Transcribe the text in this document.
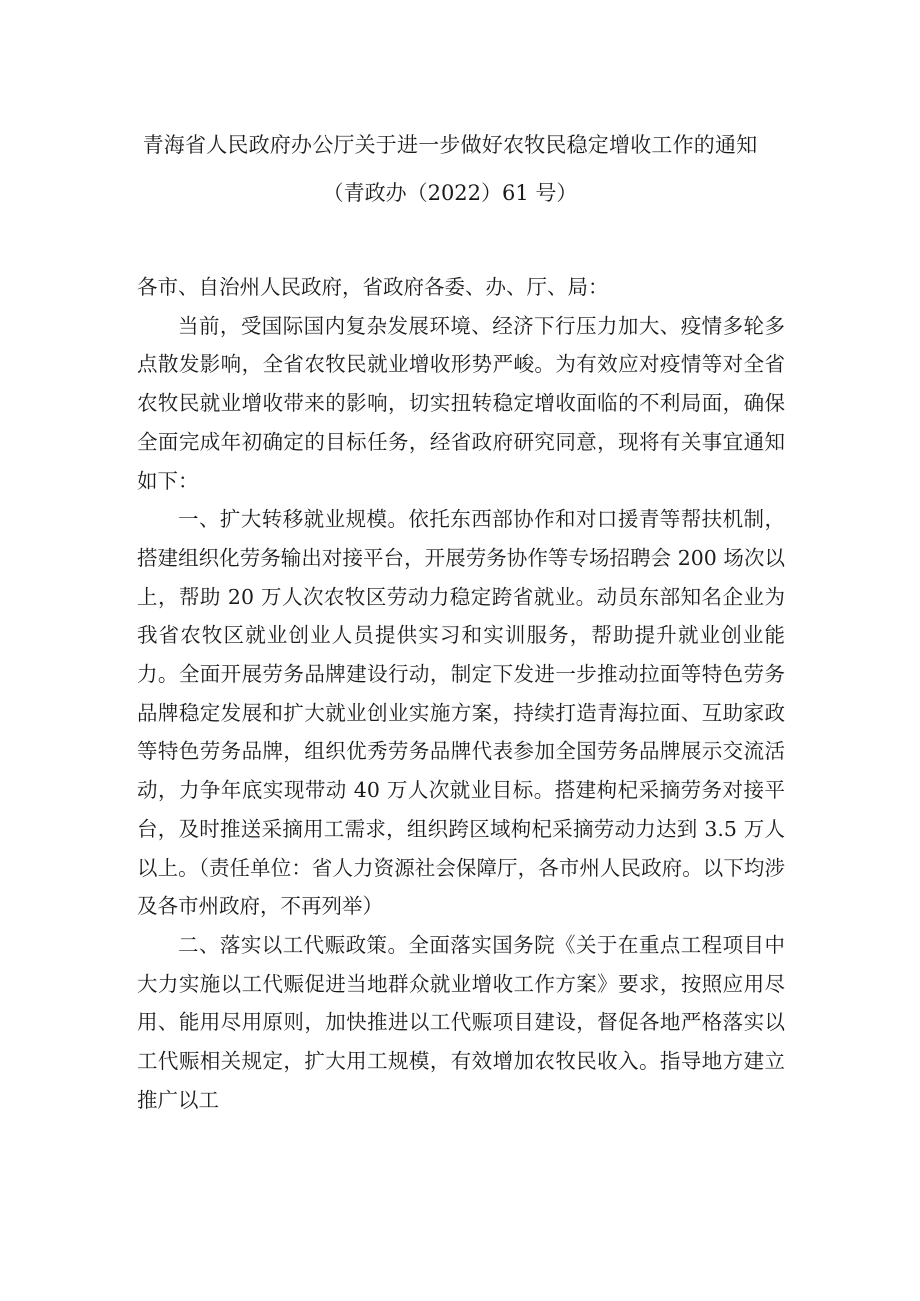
青海省人民政府办公厅关于进一步做好农牧民稳定增收工作的通知
（青政办（2022）61 号）

各市、自治州人民政府，省政府各委、办、厅、局：

当前，受国际国内复杂发展环境、经济下行压力加大、疫情多轮多点散发影响，全省农牧民就业增收形势严峻。为有效应对疫情等对全省农牧民就业增收带来的影响，切实扭转稳定增收面临的不利局面，确保全面完成年初确定的目标任务，经省政府研究同意，现将有关事宜通知如下：

一、扩大转移就业规模。依托东西部协作和对口援青等帮扶机制，搭建组织化劳务输出对接平台，开展劳务协作等专场招聘会 200 场次以上，帮助 20 万人次农牧区劳动力稳定跨省就业。动员东部知名企业为我省农牧区就业创业人员提供实习和实训服务，帮助提升就业创业能力。全面开展劳务品牌建设行动，制定下发进一步推动拉面等特色劳务品牌稳定发展和扩大就业创业实施方案，持续打造青海拉面、互助家政等特色劳务品牌，组织优秀劳务品牌代表参加全国劳务品牌展示交流活动，力争年底实现带动 40 万人次就业目标。搭建枸杞采摘劳务对接平台，及时推送采摘用工需求，组织跨区域枸杞采摘劳动力达到 3.5 万人以上。（责任单位：省人力资源社会保障厅，各市州人民政府。以下均涉及各市州政府，不再列举）

二、落实以工代赈政策。全面落实国务院《关于在重点工程项目中大力实施以工代赈促进当地群众就业增收工作方案》要求，按照应用尽用、能用尽用原则，加快推进以工代赈项目建设，督促各地严格落实以工代赈相关规定，扩大用工规模，有效增加农牧民收入。指导地方建立推广以工
